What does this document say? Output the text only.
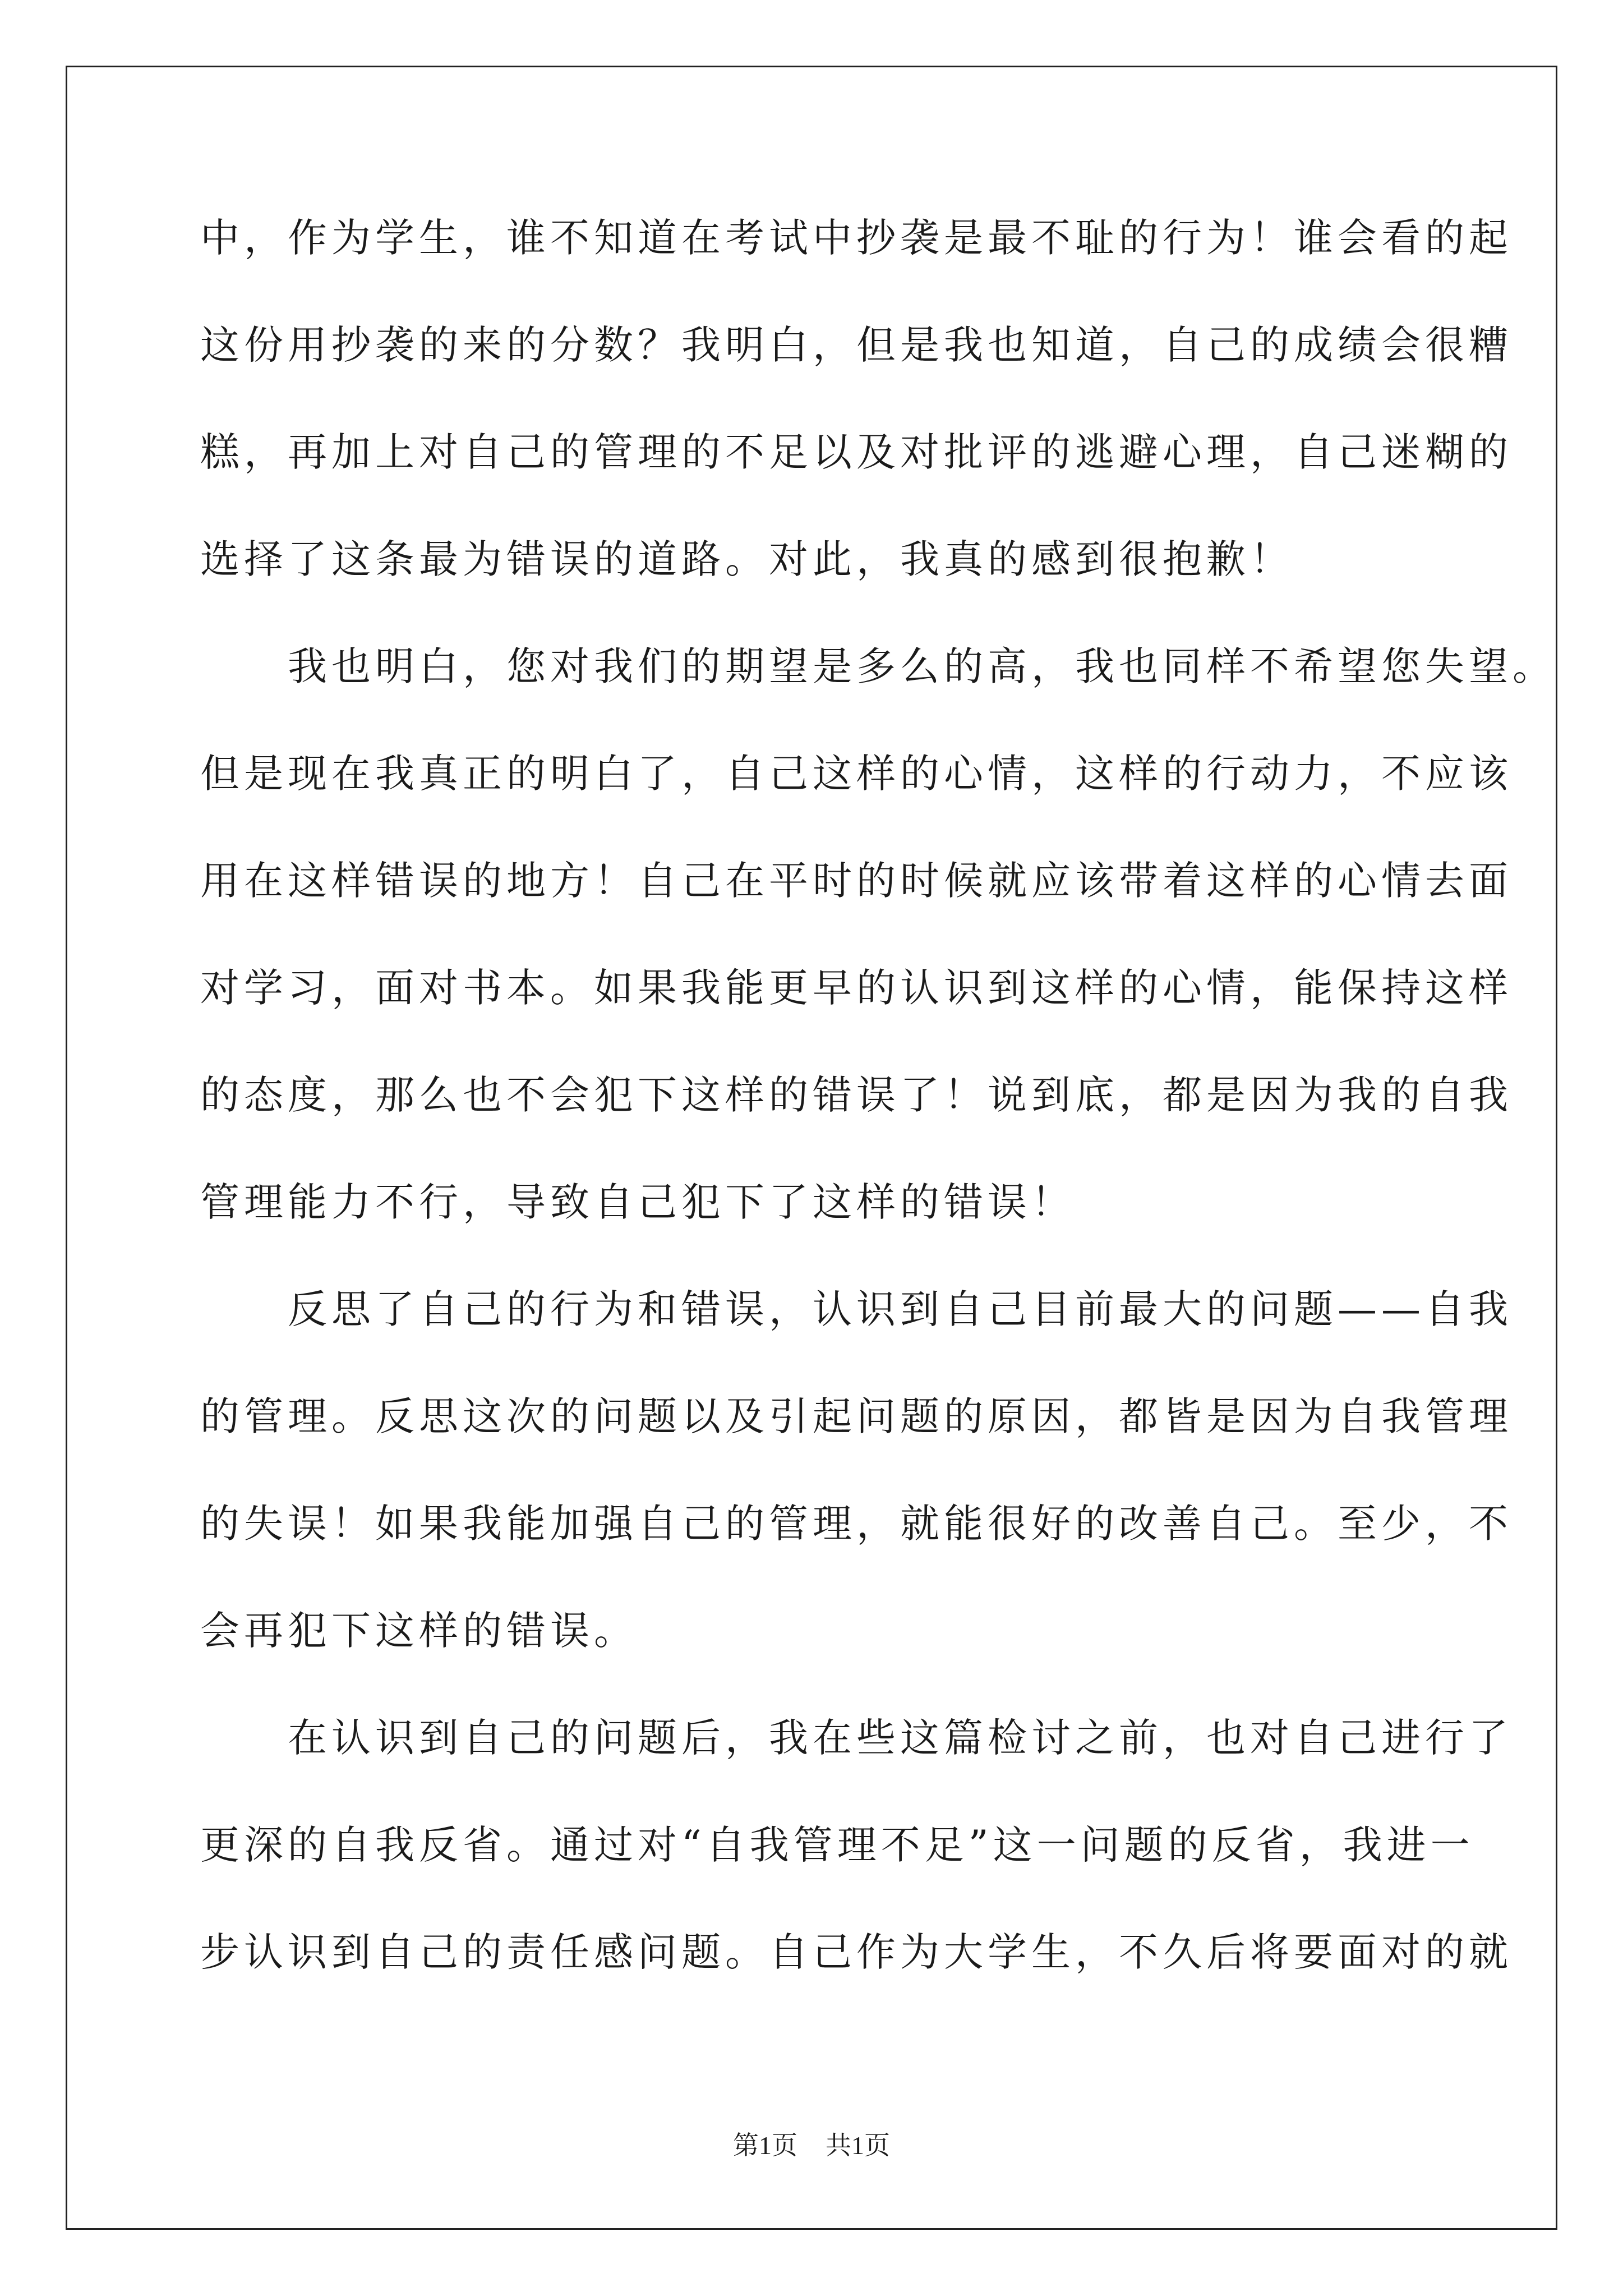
中，作为学生，谁不知道在考试中抄袭是最不耻的行为！谁会看的起
这份用抄袭的来的分数？我明白，但是我也知道，自己的成绩会很糟
糕，再加上对自己的管理的不足以及对批评的逃避心理，自己迷糊的
选择了这条最为错误的道路。对此，我真的感到很抱歉！
　　我也明白，您对我们的期望是多么的高，我也同样不希望您失望。
但是现在我真正的明白了，自己这样的心情，这样的行动力，不应该
用在这样错误的地方！自己在平时的时候就应该带着这样的心情去面
对学习，面对书本。如果我能更早的认识到这样的心情，能保持这样
的态度，那么也不会犯下这样的错误了！说到底，都是因为我的自我
管理能力不行，导致自己犯下了这样的错误！
　　反思了自己的行为和错误，认识到自己目前最大的问题——自我
的管理。反思这次的问题以及引起问题的原因，都皆是因为自我管理
的失误！如果我能加强自己的管理，就能很好的改善自己。至少，不
会再犯下这样的错误。
　　在认识到自己的问题后，我在些这篇检讨之前，也对自己进行了
更深的自我反省。通过对“自我管理不足”这一问题的反省，我进一
步认识到自己的责任感问题。自己作为大学生，不久后将要面对的就
第1页 共1页
